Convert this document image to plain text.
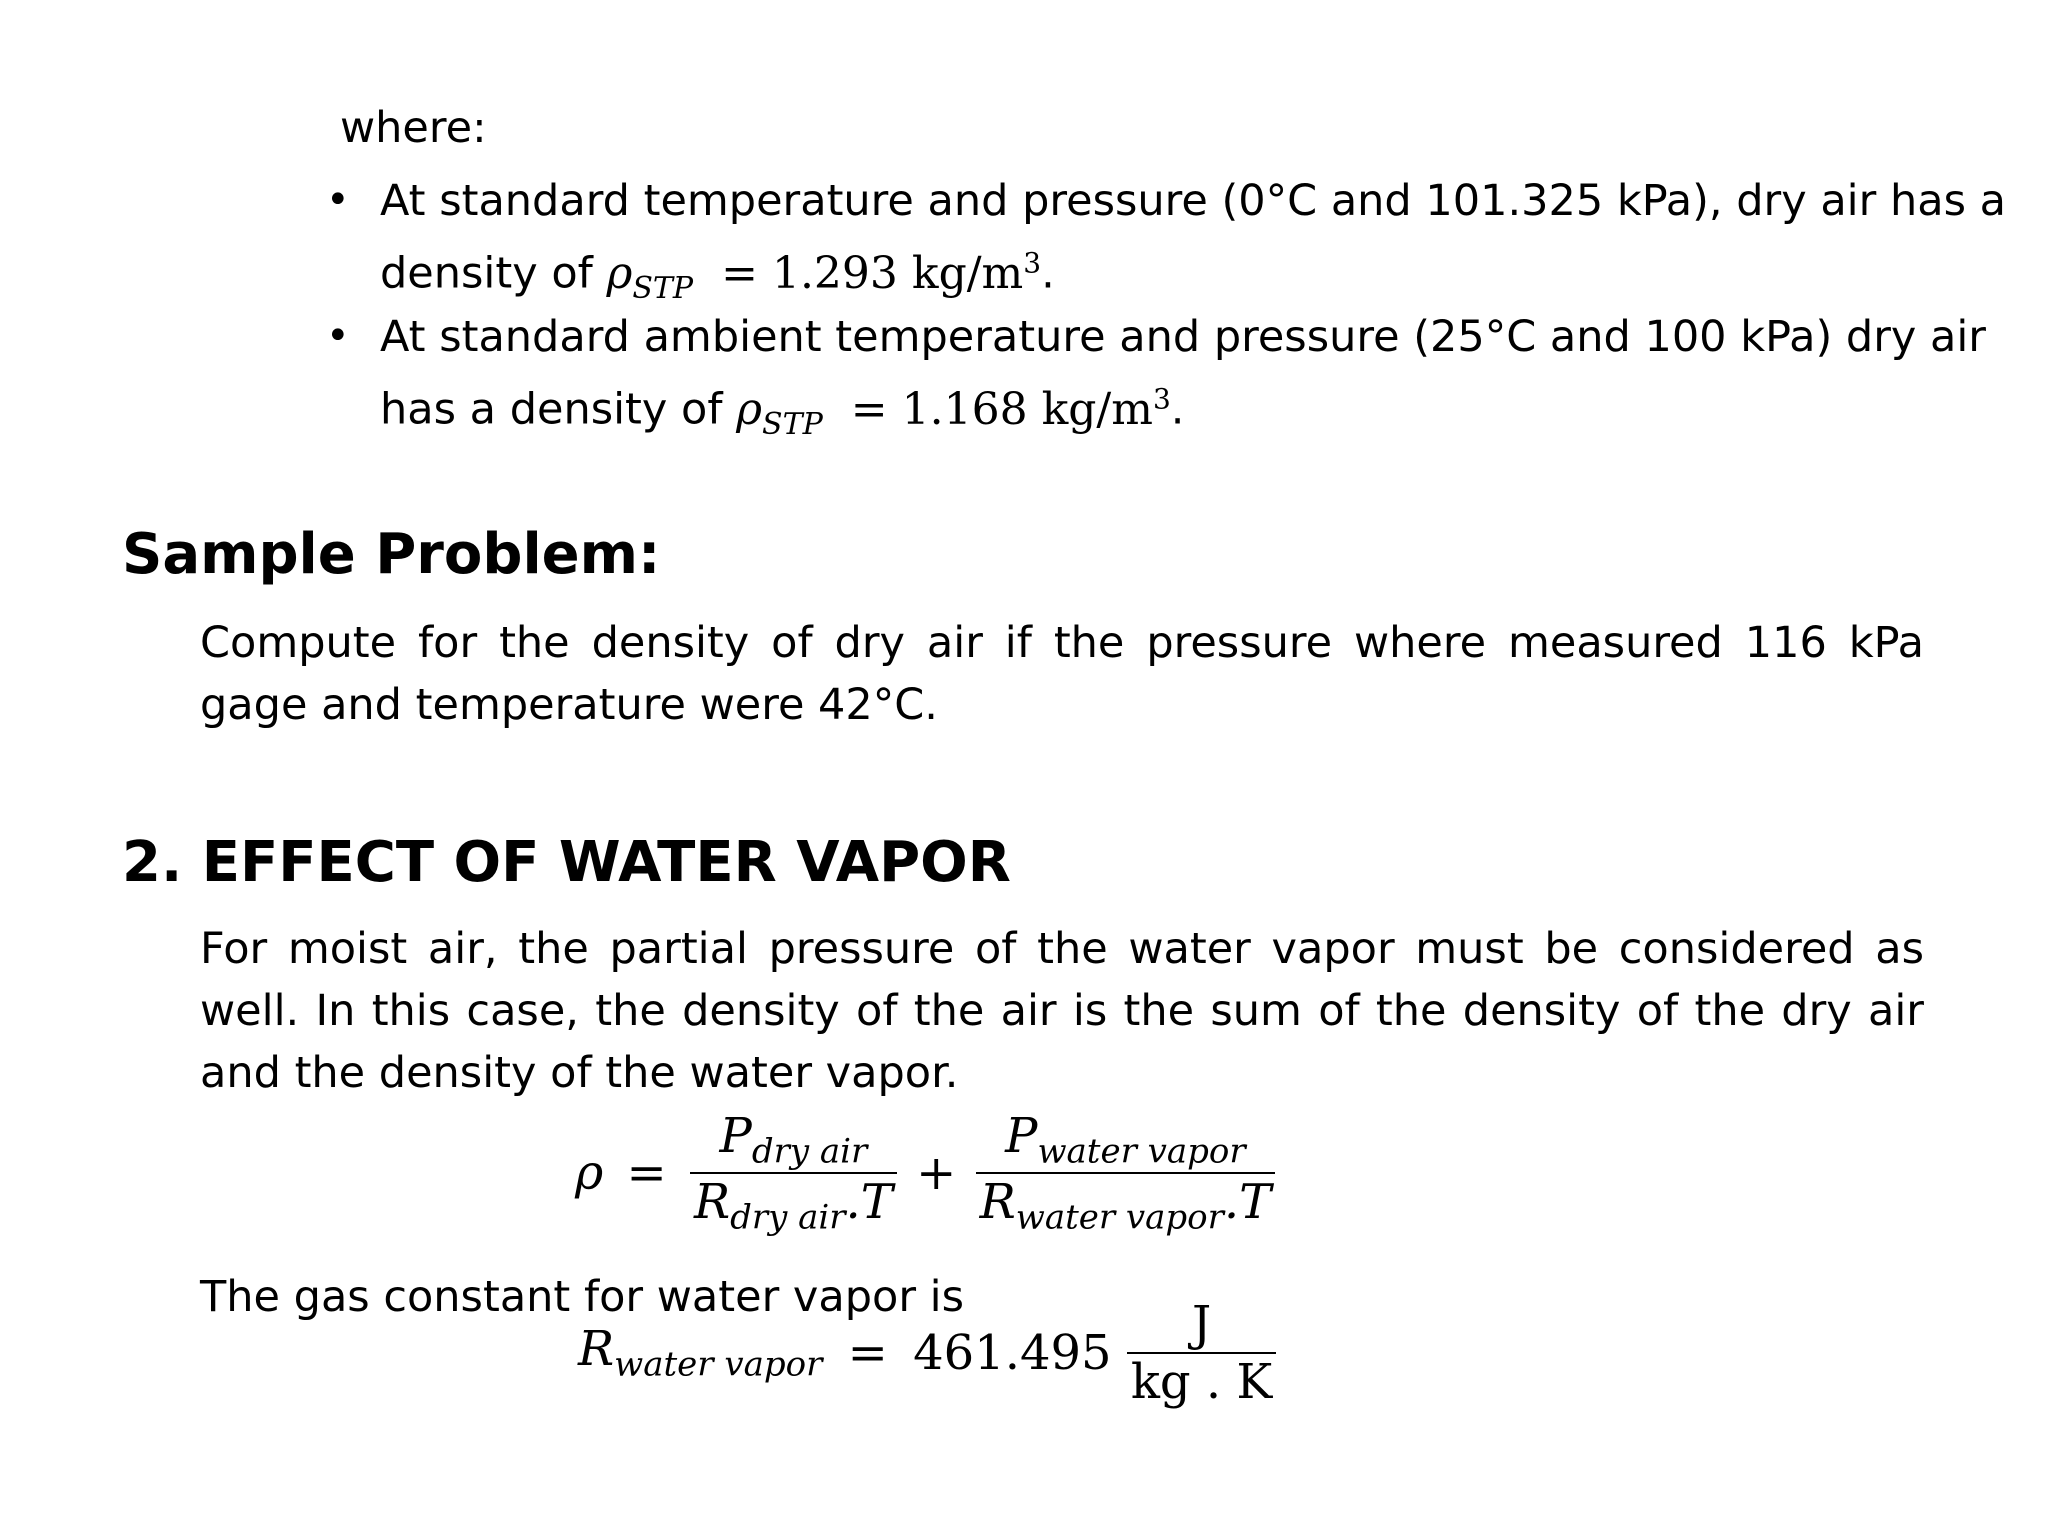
where:
• At standard temperature and pressure (0°C and 101.325 kPa), dry air has a
density of $\rho_{STP} = 1.293$ $kg/m^3$.
• At standard ambient temperature and pressure (25°C and 100 kPa) dry air
has a density of $\rho_{STP} = 1.168$ $kg/m^3$.
Sample Problem:
Compute for the density of dry air if the pressure where measured 116 kPa gage and temperature were 42°C.
2. EFFECT OF WATER VAPOR
For moist air, the partial pressure of the water vapor must be considered as well. In this case, the density of the air is the sum of the density of the dry air and the density of the water vapor.
$\rho = \frac{P_{dry air}}{R_{dry air}.T} + \frac{P_{water vapor}}{R_{water vapor}.T}$
The gas constant for water vapor is
$R_{water vapor} = 461.495 \frac{J}{kg . K}$
